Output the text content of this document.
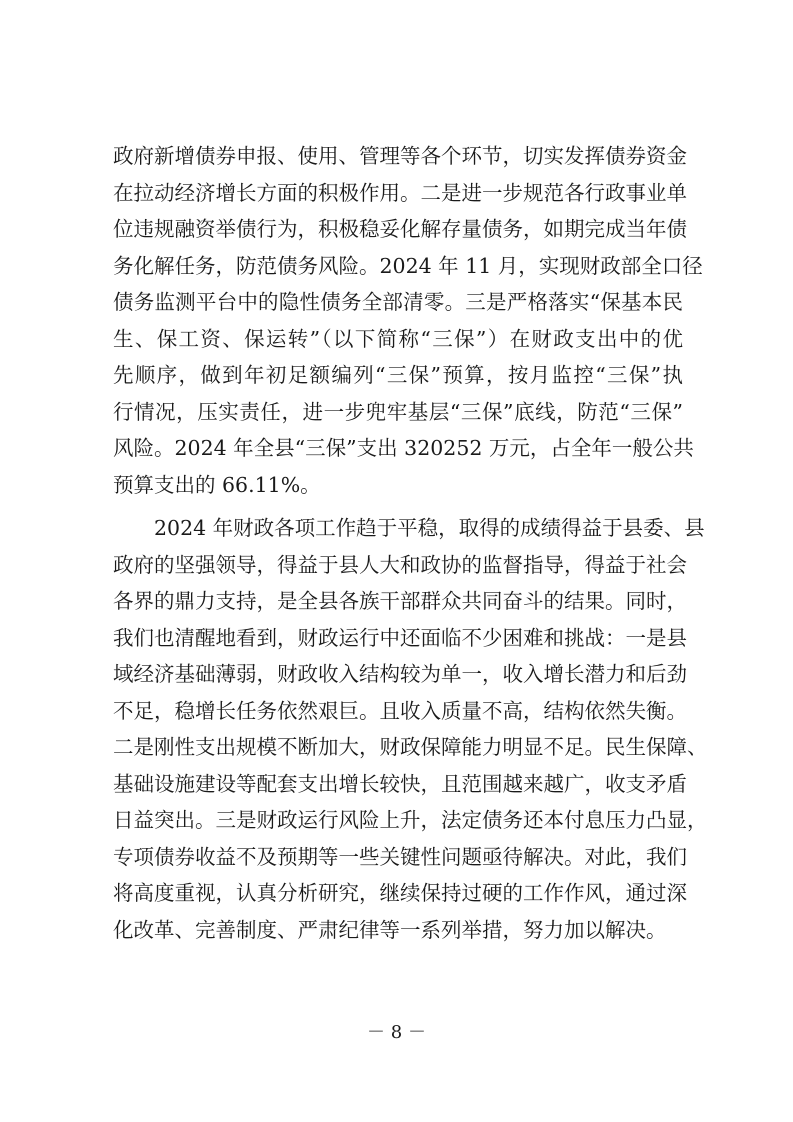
政府新增债券申报、使用、管理等各个环节，切实发挥债券资金
在拉动经济增长方面的积极作用。二是进一步规范各行政事业单
位违规融资举债行为，积极稳妥化解存量债务，如期完成当年债
务化解任务，防范债务风险。2024 年 11 月，实现财政部全口径
债务监测平台中的隐性债务全部清零。三是严格落实“保基本民
生、保工资、保运转”（以下简称“三保”）在财政支出中的优
先顺序，做到年初足额编列“三保”预算，按月监控“三保”执
行情况，压实责任，进一步兜牢基层“三保”底线，防范“三保”
风险。2024 年全县“三保”支出 320252 万元，占全年一般公共
预算支出的 66.11%。
2024 年财政各项工作趋于平稳，取得的成绩得益于县委、县
政府的坚强领导，得益于县人大和政协的监督指导，得益于社会
各界的鼎力支持，是全县各族干部群众共同奋斗的结果。同时，
我们也清醒地看到，财政运行中还面临不少困难和挑战：一是县
域经济基础薄弱，财政收入结构较为单一，收入增长潜力和后劲
不足，稳增长任务依然艰巨。且收入质量不高，结构依然失衡。
二是刚性支出规模不断加大，财政保障能力明显不足。民生保障、
基础设施建设等配套支出增长较快，且范围越来越广，收支矛盾
日益突出。三是财政运行风险上升，法定债务还本付息压力凸显，
专项债券收益不及预期等一些关键性问题亟待解决。对此，我们
将高度重视，认真分析研究，继续保持过硬的工作作风，通过深
化改革、完善制度、严肃纪律等一系列举措，努力加以解决。
－ 8 －
